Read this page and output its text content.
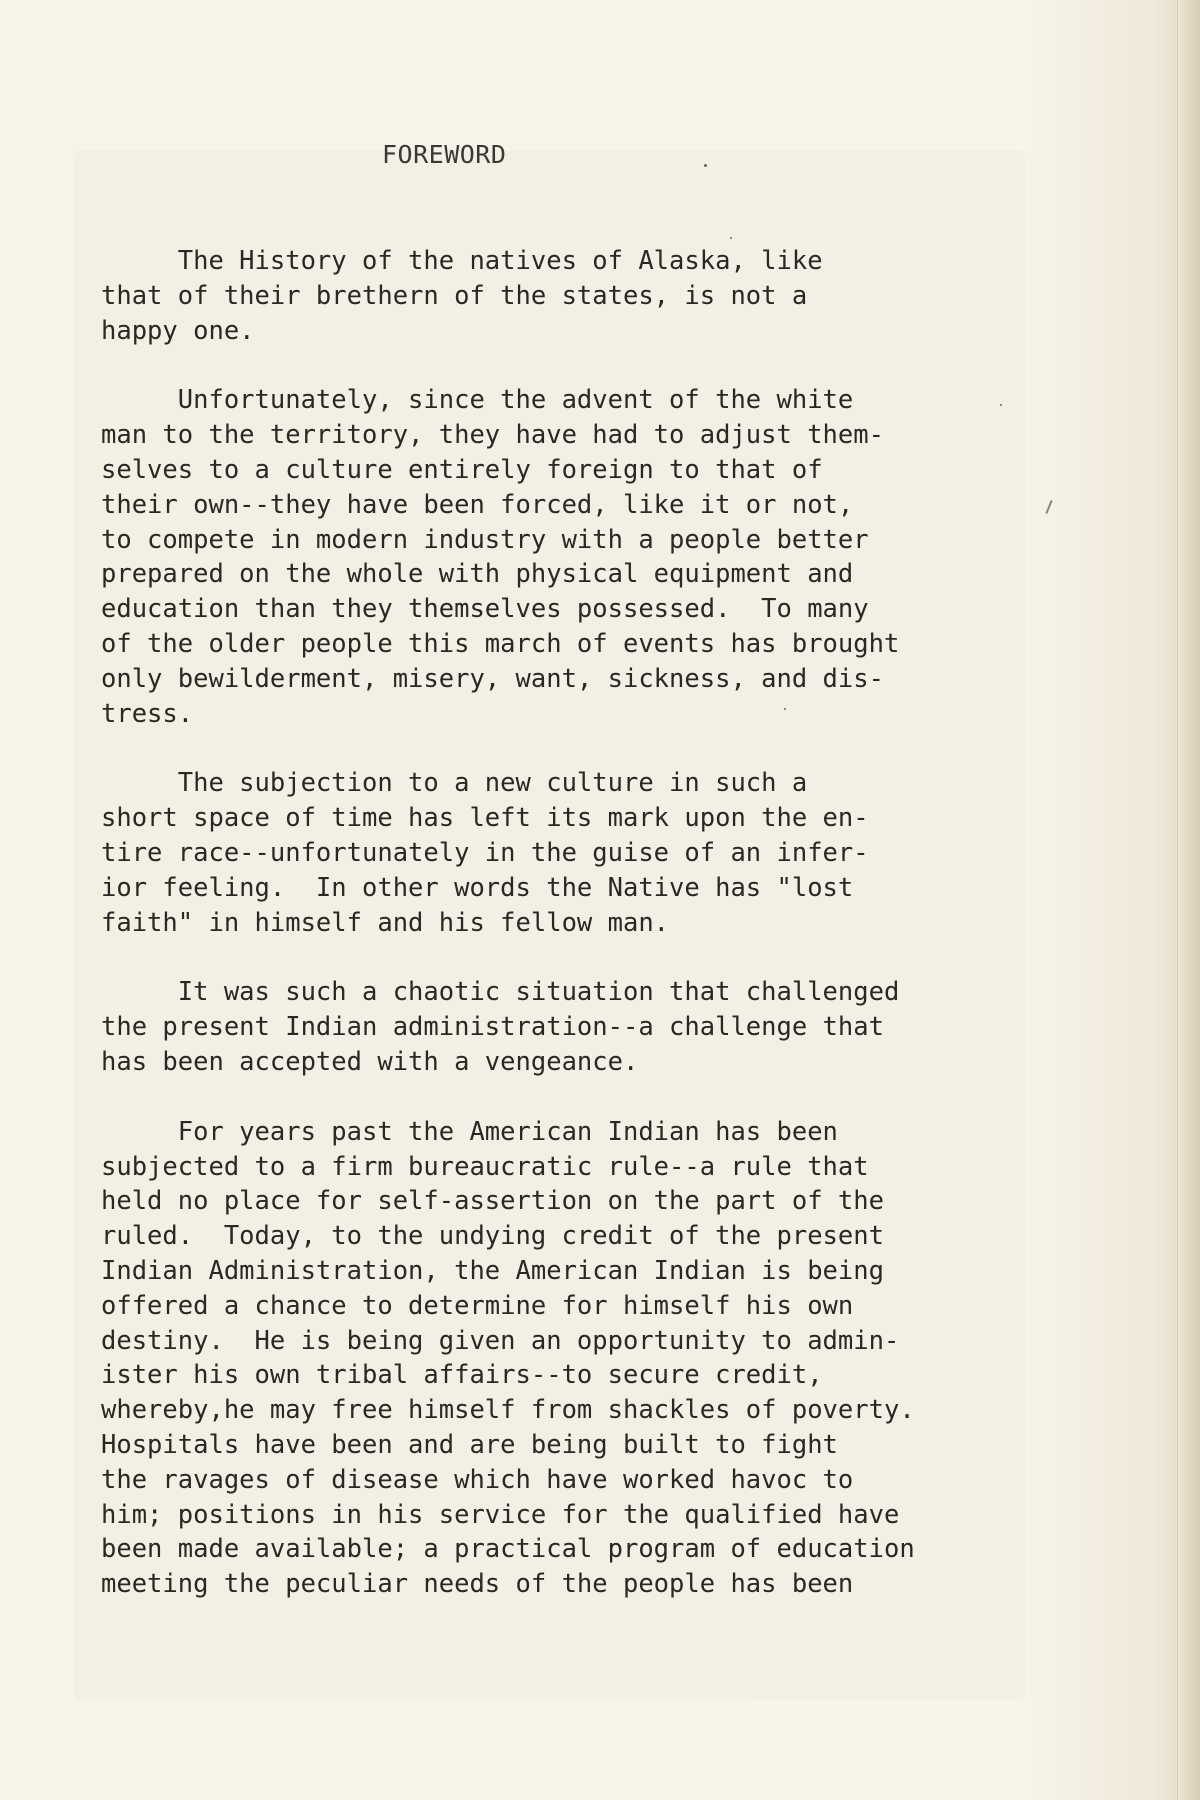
FOREWORD
The History of the natives of Alaska, like
that of their brethern of the states, is not a
happy one.
Unfortunately, since the advent of the white
man to the territory, they have had to adjust them-
selves to a culture entirely foreign to that of
their own--they have been forced, like it or not,
to compete in modern industry with a people better
prepared on the whole with physical equipment and
education than they themselves possessed.  To many
of the older people this march of events has brought
only bewilderment, misery, want, sickness, and dis-
tress.
The subjection to a new culture in such a
short space of time has left its mark upon the en-
tire race--unfortunately in the guise of an infer-
ior feeling.  In other words the Native has "lost
faith" in himself and his fellow man.
It was such a chaotic situation that challenged
the present Indian administration--a challenge that
has been accepted with a vengeance.
For years past the American Indian has been
subjected to a firm bureaucratic rule--a rule that
held no place for self-assertion on the part of the
ruled.  Today, to the undying credit of the present
Indian Administration, the American Indian is being
offered a chance to determine for himself his own
destiny.  He is being given an opportunity to admin-
ister his own tribal affairs--to secure credit,
whereby,he may free himself from shackles of poverty.
Hospitals have been and are being built to fight
the ravages of disease which have worked havoc to
him; positions in his service for the qualified have
been made available; a practical program of education
meeting the peculiar needs of the people has been
